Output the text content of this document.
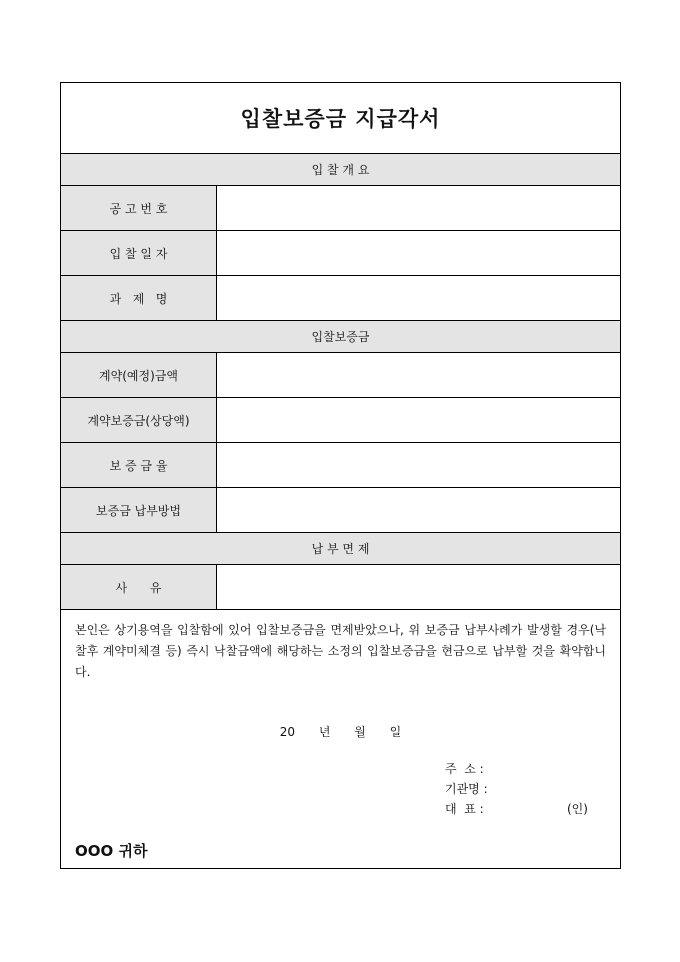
입찰보증금 지급각서
입 찰 개 요
공 고 번 호
입 찰 일 자
과   제   명
입찰보증금
계약(예정)금액
계약보증금(상당액)
보 증 금 율
보증금 납부방법
납 부 면 제
사      유
본인은 상기용역을 입찰함에 있어 입찰보증금을 면제받았으나, 위 보증금 납부사례가 발생할 경우(낙찰후 계약미체결 등) 즉시 낙찰금액에 해당하는 소정의 입찰보증금을 현금으로 납부할 것을 확약합니다.
20 년 월 일
주  소 :
기관명 :
대  표 :	(인)
OOO 귀하
